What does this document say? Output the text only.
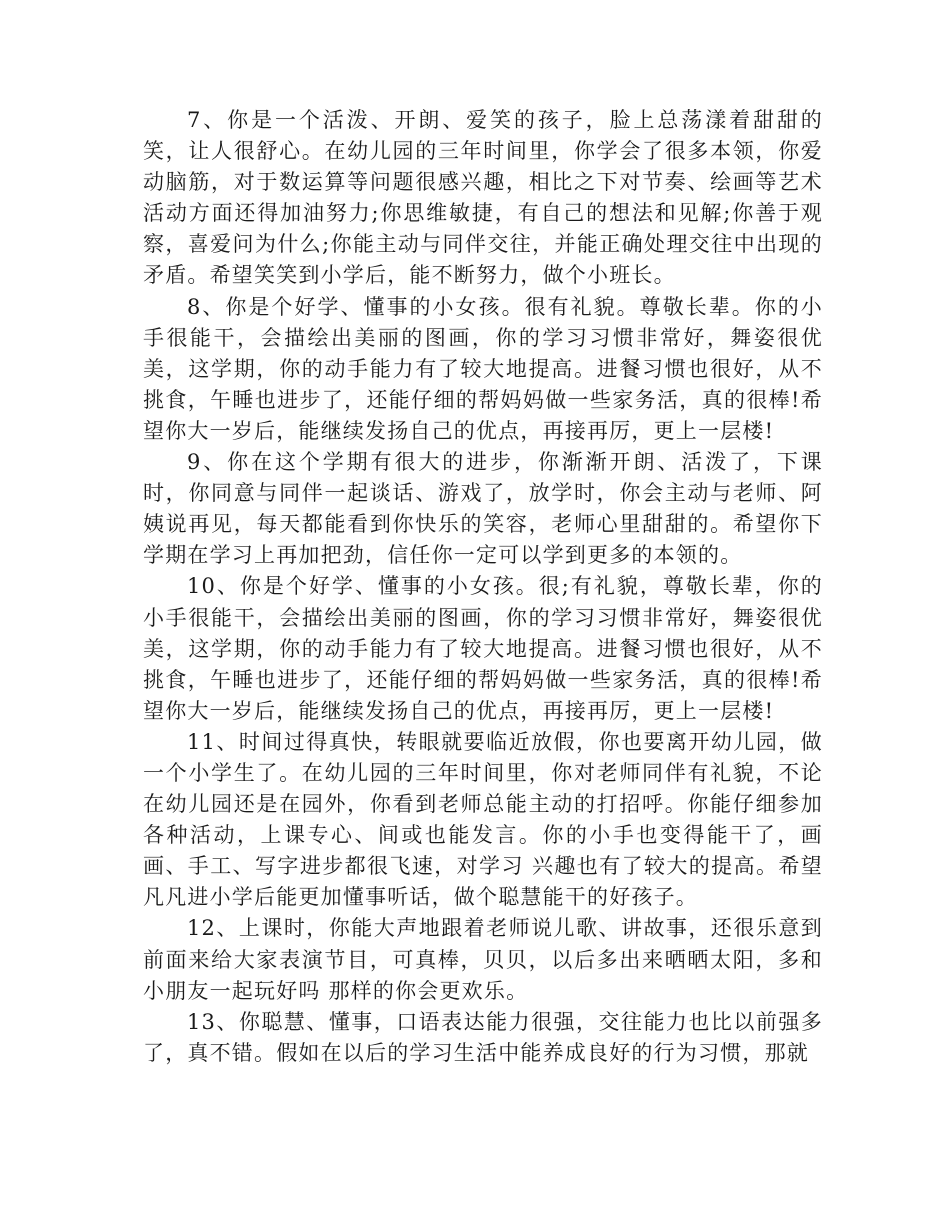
7、你是一个活泼、开朗、爱笑的孩子，脸上总荡漾着甜甜的笑，让人很舒心。在幼儿园的三年时间里，你学会了很多本领，你爱动脑筋，对于数运算等问题很感兴趣，相比之下对节奏、绘画等艺术活动方面还得加油努力;你思维敏捷，有自己的想法和见解;你善于观察，喜爱问为什么;你能主动与同伴交往，并能正确处理交往中出现的矛盾。希望笑笑到小学后，能不断努力，做个小班长。

8、你是个好学、懂事的小女孩。很有礼貌。尊敬长辈。你的小手很能干，会描绘出美丽的图画，你的学习习惯非常好，舞姿很优美，这学期，你的动手能力有了较大地提高。进餐习惯也很好，从不挑食，午睡也进步了，还能仔细的帮妈妈做一些家务活，真的很棒!希望你大一岁后，能继续发扬自己的优点，再接再厉，更上一层楼!

9、你在这个学期有很大的进步，你渐渐开朗、活泼了，下课时，你同意与同伴一起谈话、游戏了，放学时，你会主动与老师、阿姨说再见，每天都能看到你快乐的笑容，老师心里甜甜的。希望你下学期在学习上再加把劲，信任你一定可以学到更多的本领的。

10、你是个好学、懂事的小女孩。很;有礼貌，尊敬长辈，你的小手很能干，会描绘出美丽的图画，你的学习习惯非常好，舞姿很优美，这学期，你的动手能力有了较大地提高。进餐习惯也很好，从不挑食，午睡也进步了，还能仔细的帮妈妈做一些家务活，真的很棒!希望你大一岁后，能继续发扬自己的优点，再接再厉，更上一层楼!

11、时间过得真快，转眼就要临近放假，你也要离开幼儿园，做一个小学生了。在幼儿园的三年时间里，你对老师同伴有礼貌，不论在幼儿园还是在园外，你看到老师总能主动的打招呼。你能仔细参加各种活动，上课专心、间或也能发言。你的小手也变得能干了，画画、手工、写字进步都很飞速，对学习 兴趣也有了较大的提高。希望凡凡进小学后能更加懂事听话，做个聪慧能干的好孩子。

12、上课时，你能大声地跟着老师说儿歌、讲故事，还很乐意到前面来给大家表演节目，可真棒，贝贝，以后多出来晒晒太阳，多和小朋友一起玩好吗 那样的你会更欢乐。

13、你聪慧、懂事，口语表达能力很强，交往能力也比以前强多了，真不错。假如在以后的学习生活中能养成良好的行为习惯，那就
